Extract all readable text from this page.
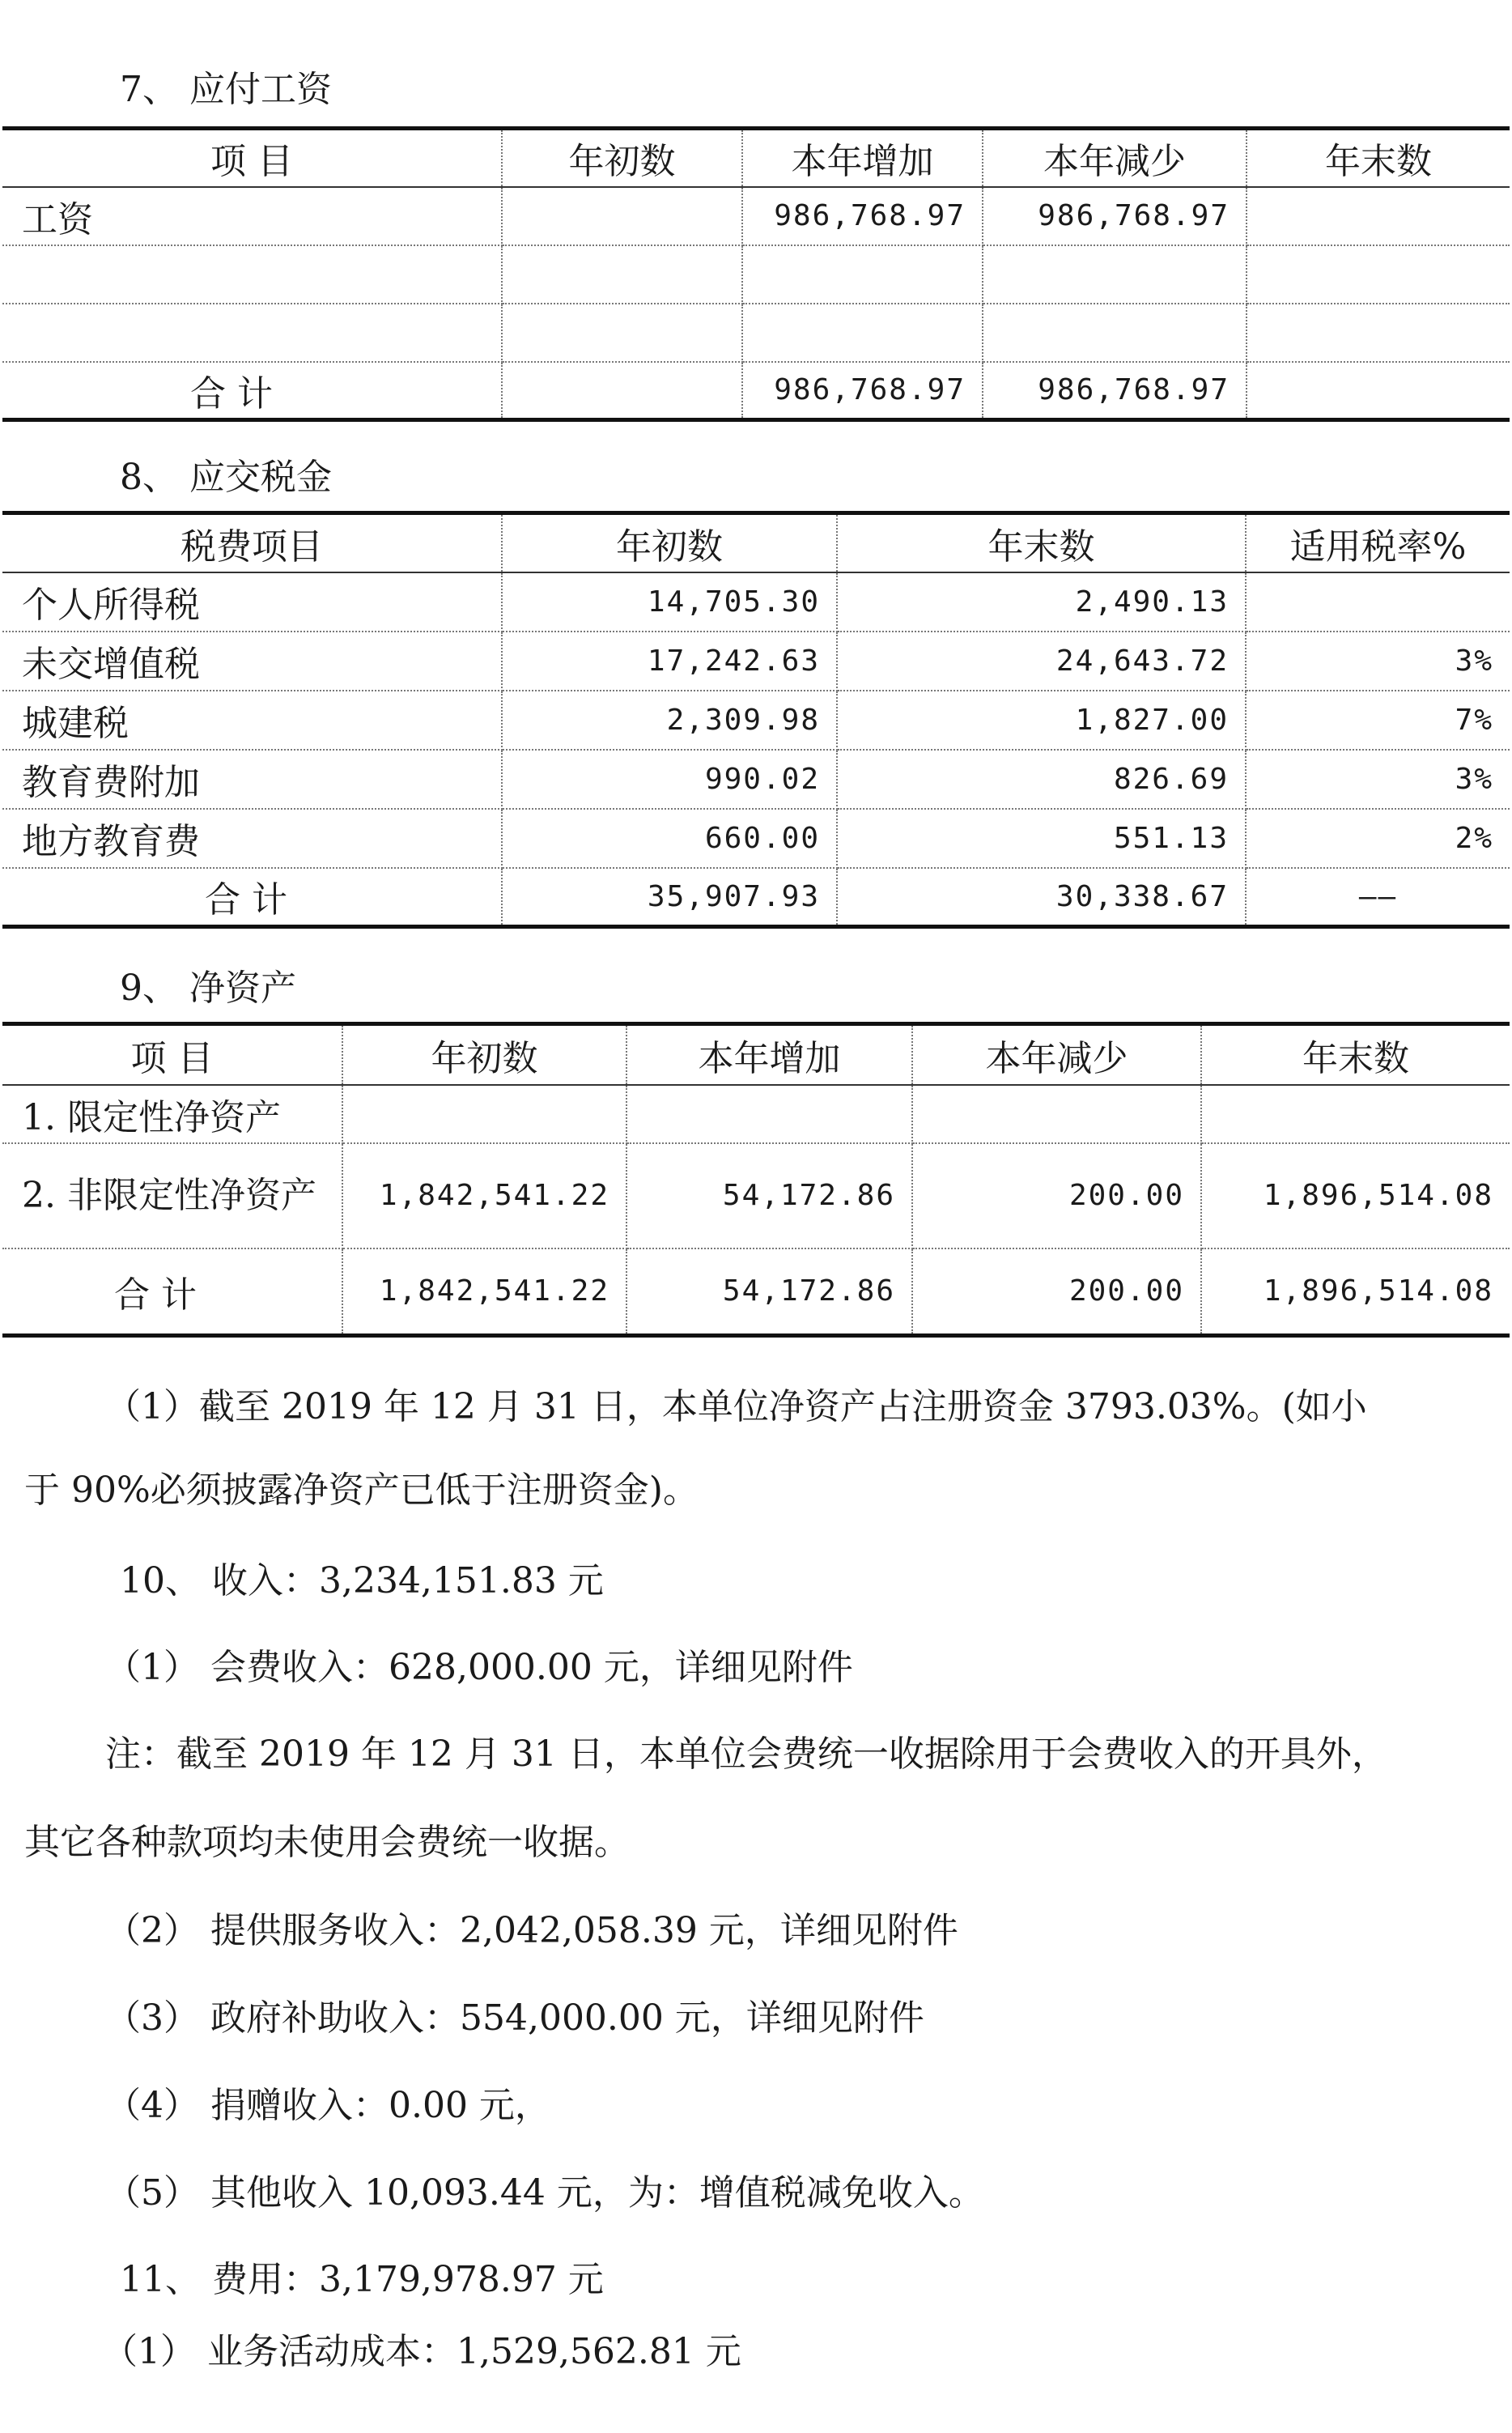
7、 应付工资
项 目	年初数	本年增加	本年减少	年末数
工资		986,768.97	986,768.97	

合 计		986,768.97	986,768.97	
8、 应交税金
税费项目	年初数	年末数	适用税率%
个人所得税	14,705.30	2,490.13	
未交增值税	17,242.63	24,643.72	3%
城建税	2,309.98	1,827.00	7%
教育费附加	990.02	826.69	3%
地方教育费	660.00	551.13	2%
合 计	35,907.93	30,338.67	——
9、 净资产
项 目	年初数	本年增加	本年减少	年末数
1. 限定性净资产				
2. 非限定性净资产	1,842,541.22	54,172.86	200.00	1,896,514.08
合 计	1,842,541.22	54,172.86	200.00	1,896,514.08
（1）截至 2019 年 12 月 31 日，本单位净资产占注册资金 3793.03%。(如小
于 90%必须披露净资产已低于注册资金)。
10、 收入：3,234,151.83 元
（1） 会费收入：628,000.00 元，详细见附件
注：截至 2019 年 12 月 31 日，本单位会费统一收据除用于会费收入的开具外，
其它各种款项均未使用会费统一收据。
（2） 提供服务收入：2,042,058.39 元，详细见附件
（3） 政府补助收入：554,000.00 元，详细见附件
（4） 捐赠收入：0.00 元，
（5） 其他收入 10,093.44 元，为：增值税减免收入。
11、 费用：3,179,978.97 元
（1） 业务活动成本：1,529,562.81 元
